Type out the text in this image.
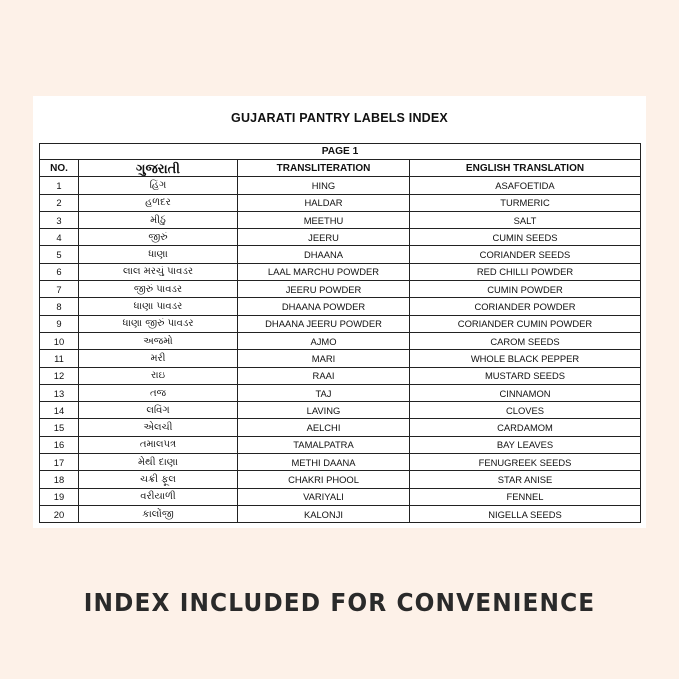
GUJARATI PANTRY LABELS INDEX
PAGE 1			
NO.	ગુજરાતી	TRANSLITERATION	ENGLISH TRANSLATION
1	હિંગ	HING	ASAFOETIDA
2	હળદર	HALDAR	TURMERIC
3	મીઠું	MEETHU	SALT
4	જીરું	JEERU	CUMIN SEEDS
5	ધાણા	DHAANA	CORIANDER SEEDS
6	લાલ મરચું પાવડર	LAAL MARCHU POWDER	RED CHILLI POWDER
7	જીરું પાવડર	JEERU POWDER	CUMIN POWDER
8	ધાણા પાવડર	DHAANA POWDER	CORIANDER POWDER
9	ધાણા જીરું પાવડર	DHAANA JEERU POWDER	CORIANDER CUMIN POWDER
10	અજમો	AJMO	CAROM SEEDS
11	મરી	MARI	WHOLE BLACK PEPPER
12	રાઇ	RAAI	MUSTARD SEEDS
13	તજ	TAJ	CINNAMON
14	લવિંગ	LAVING	CLOVES
15	એલચી	AELCHI	CARDAMOM
16	તમાલપત્ર	TAMALPATRA	BAY LEAVES
17	મેથી દાણા	METHI DAANA	FENUGREEK SEEDS
18	ચક્રી ફૂલ	CHAKRI PHOOL	STAR ANISE
19	વરીયાળી	VARIYALI	FENNEL
20	કાલોંજી	KALONJI	NIGELLA SEEDS
INDEX INCLUDED FOR CONVENIENCE
